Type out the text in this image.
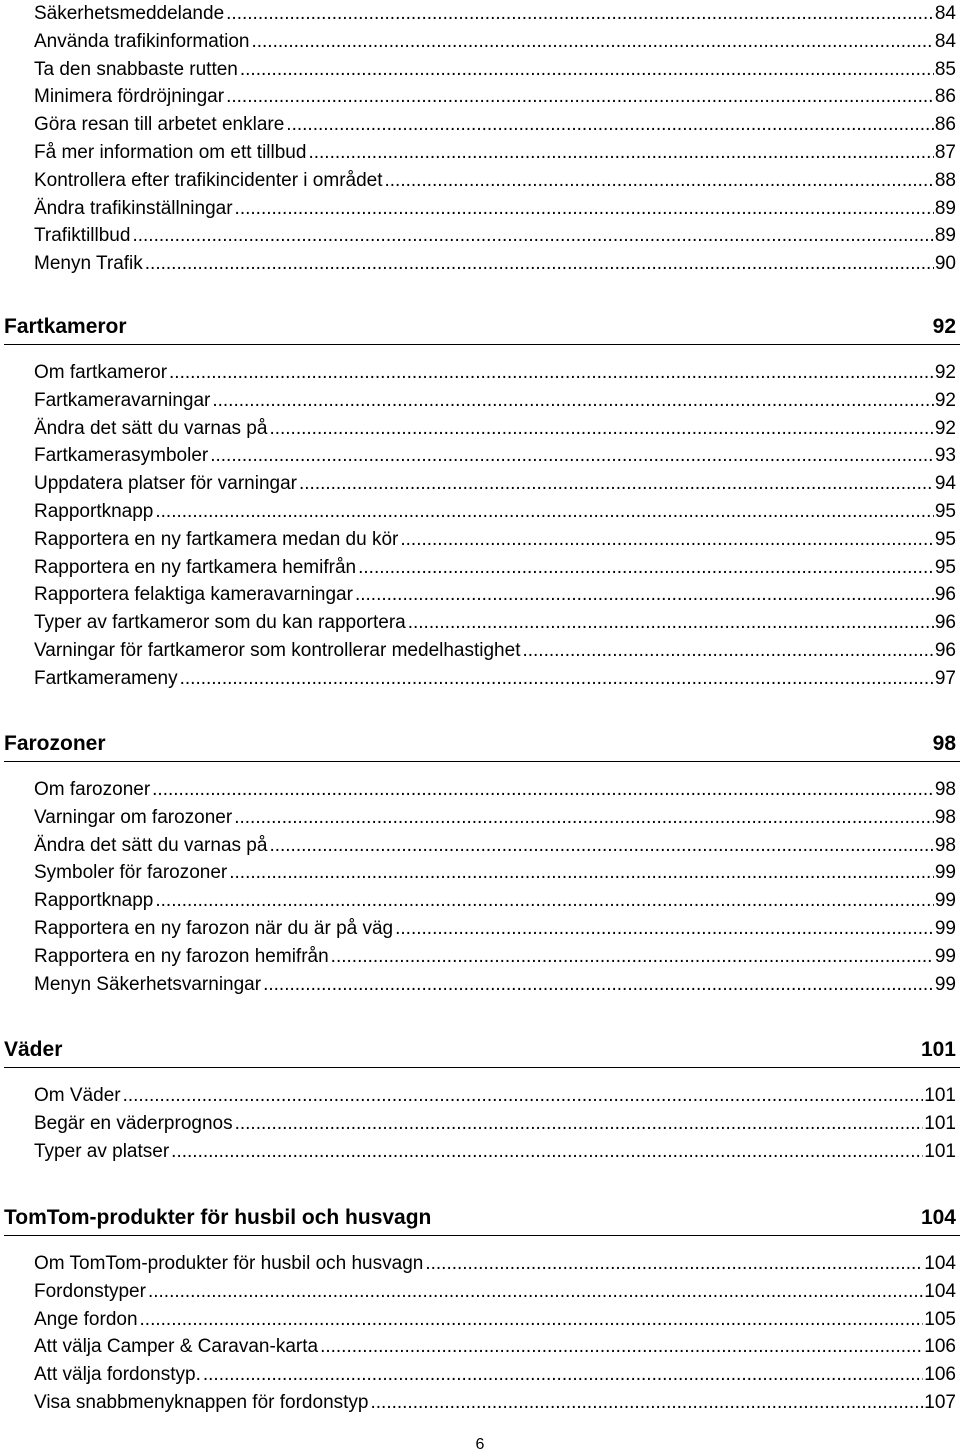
Säkerhetsmeddelande .....	84
Använda trafikinformation .....	84
Ta den snabbaste rutten .....	85
Minimera fördröjningar .....	86
Göra resan till arbetet enklare .....	86
Få mer information om ett tillbud .....	87
Kontrollera efter trafikincidenter i området .....	88
Ändra trafikinställningar .....	89
Trafiktillbud .....	89
Menyn Trafik .....	90
Fartkameror	92
Om fartkameror .....	92
Fartkameravarningar .....	92
Ändra det sätt du varnas på .....	92
Fartkamerasymboler .....	93
Uppdatera platser för varningar .....	94
Rapportknapp .....	95
Rapportera en ny fartkamera medan du kör .....	95
Rapportera en ny fartkamera hemifrån .....	95
Rapportera felaktiga kameravarningar .....	96
Typer av fartkameror som du kan rapportera .....	96
Varningar för fartkameror som kontrollerar medelhastighet .....	96
Fartkamerameny .....	97
Farozoner	98
Om farozoner .....	98
Varningar om farozoner .....	98
Ändra det sätt du varnas på .....	98
Symboler för farozoner .....	99
Rapportknapp .....	99
Rapportera en ny farozon när du är på väg .....	99
Rapportera en ny farozon hemifrån .....	99
Menyn Säkerhetsvarningar .....	99
Väder	101
Om Väder .....	101
Begär en väderprognos .....	101
Typer av platser .....	101
TomTom-produkter för husbil och husvagn	104
Om TomTom-produkter för husbil och husvagn .....	104
Fordonstyper .....	104
Ange fordon .....	105
Att välja Camper & Caravan-karta .....	106
Att välja fordonstyp. .....	106
Visa snabbmenyknappen för fordonstyp .....	107
6
